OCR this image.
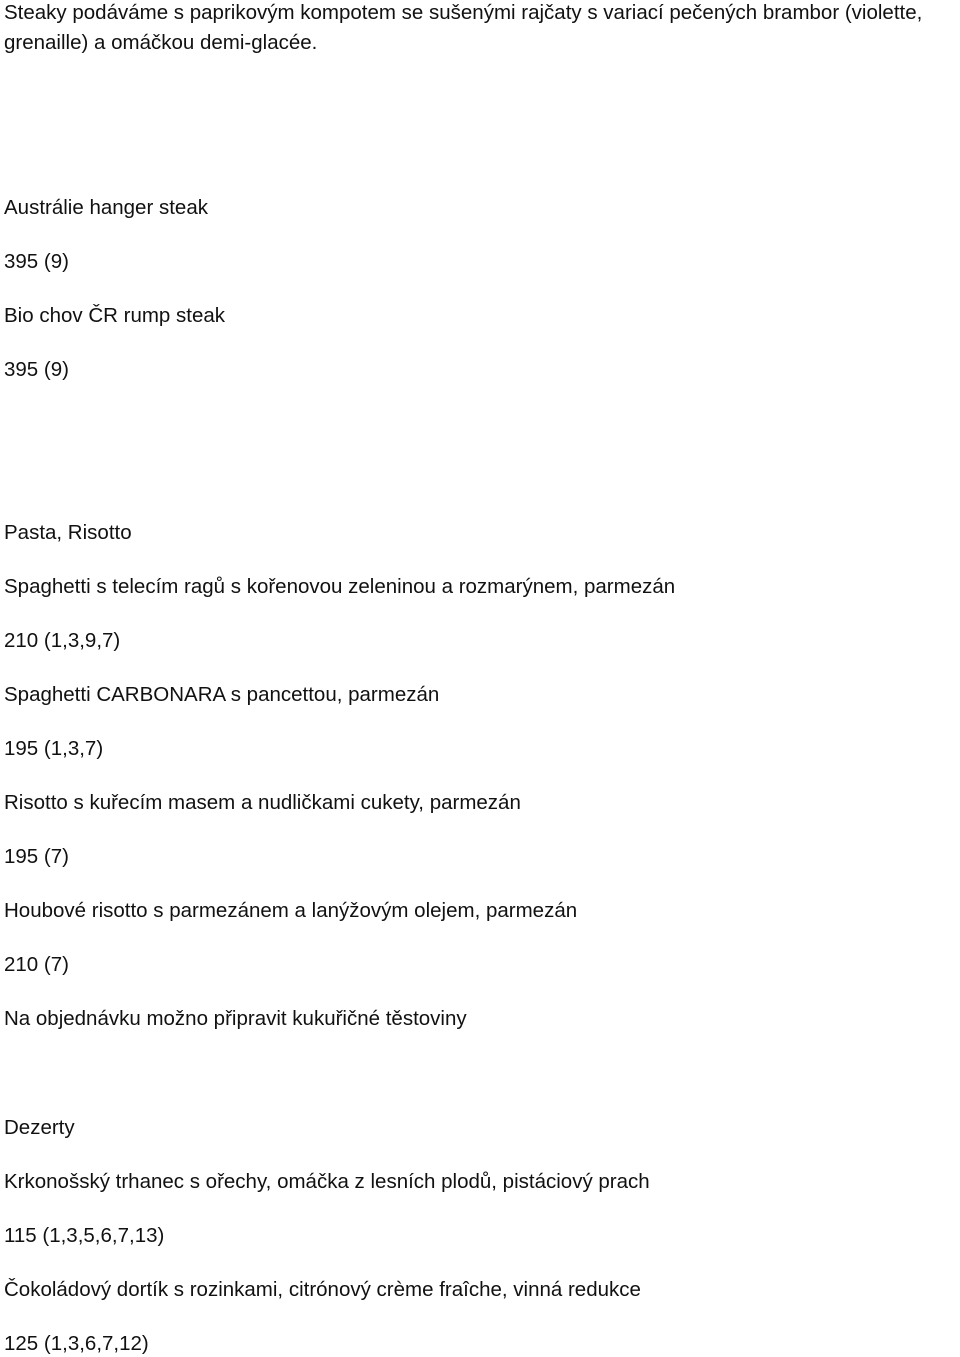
Steaky podáváme s paprikovým kompotem se sušenými rajčaty s variací pečených brambor (violette,
grenaille) a omáčkou demi-glacée.
Austrálie hanger steak
395 (9)
Bio chov ČR rump steak
395 (9)
Pasta, Risotto
Spaghetti s telecím ragů s kořenovou zeleninou a rozmarýnem, parmezán
210 (1,3,9,7)
Spaghetti CARBONARA s pancettou, parmezán
195 (1,3,7)
Risotto s kuřecím masem a nudličkami cukety, parmezán
195 (7)
Houbové risotto s parmezánem a lanýžovým olejem, parmezán
210 (7)
Na objednávku možno připravit kukuřičné těstoviny
Dezerty
Krkonošský trhanec s ořechy, omáčka z lesních plodů, pistáciový prach
115 (1,3,5,6,7,13)
Čokoládový dortík s rozinkami, citrónový crème fraîche, vinná redukce
125 (1,3,6,7,12)
